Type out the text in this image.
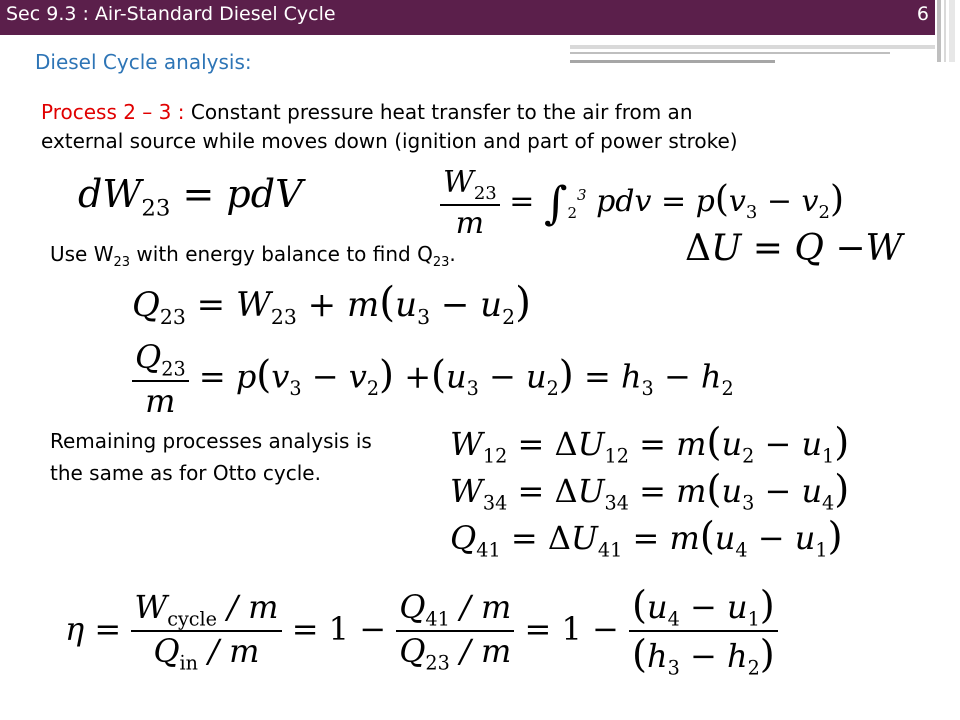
Sec 9.3 : Air-Standard Diesel Cycle	6
Diesel Cycle analysis:
Process 2 – 3 : Constant pressure heat transfer to the air from an
external source while moves down (ignition and part of power stroke)
$dW_{23}$ = pdV	$\frac{W_{23}}{m} = \int_2^3$ pdv = $p(v_3 - v_2)$
Use $W_{23}$ with energy balance to find $Q_{23}$.	ΔU = Q −W
$Q_{23} = W_{23} + m(u_3 - u_2)$
$\frac{Q_{23}}{m} = p(v_3 - v_2) +(u_3 - u_2) = h_3 - h_2$
Remaining processes analysis is
the same as for Otto cycle.
$W_{12} = \Delta U_{12} = m(u_2 - u_1)$
$W_{34} = \Delta U_{34} = m(u_3 - u_4)$
$Q_{41} = \Delta U_{41} = m(u_4 - u_1)$
$\eta = \frac{W_{cycle} / m}{Q_{in} / m} = 1 - \frac{Q_{41} / m}{Q_{23} / m} = 1 - \frac{(u_4 - u_1)}{(h_3 - h_2)}$
